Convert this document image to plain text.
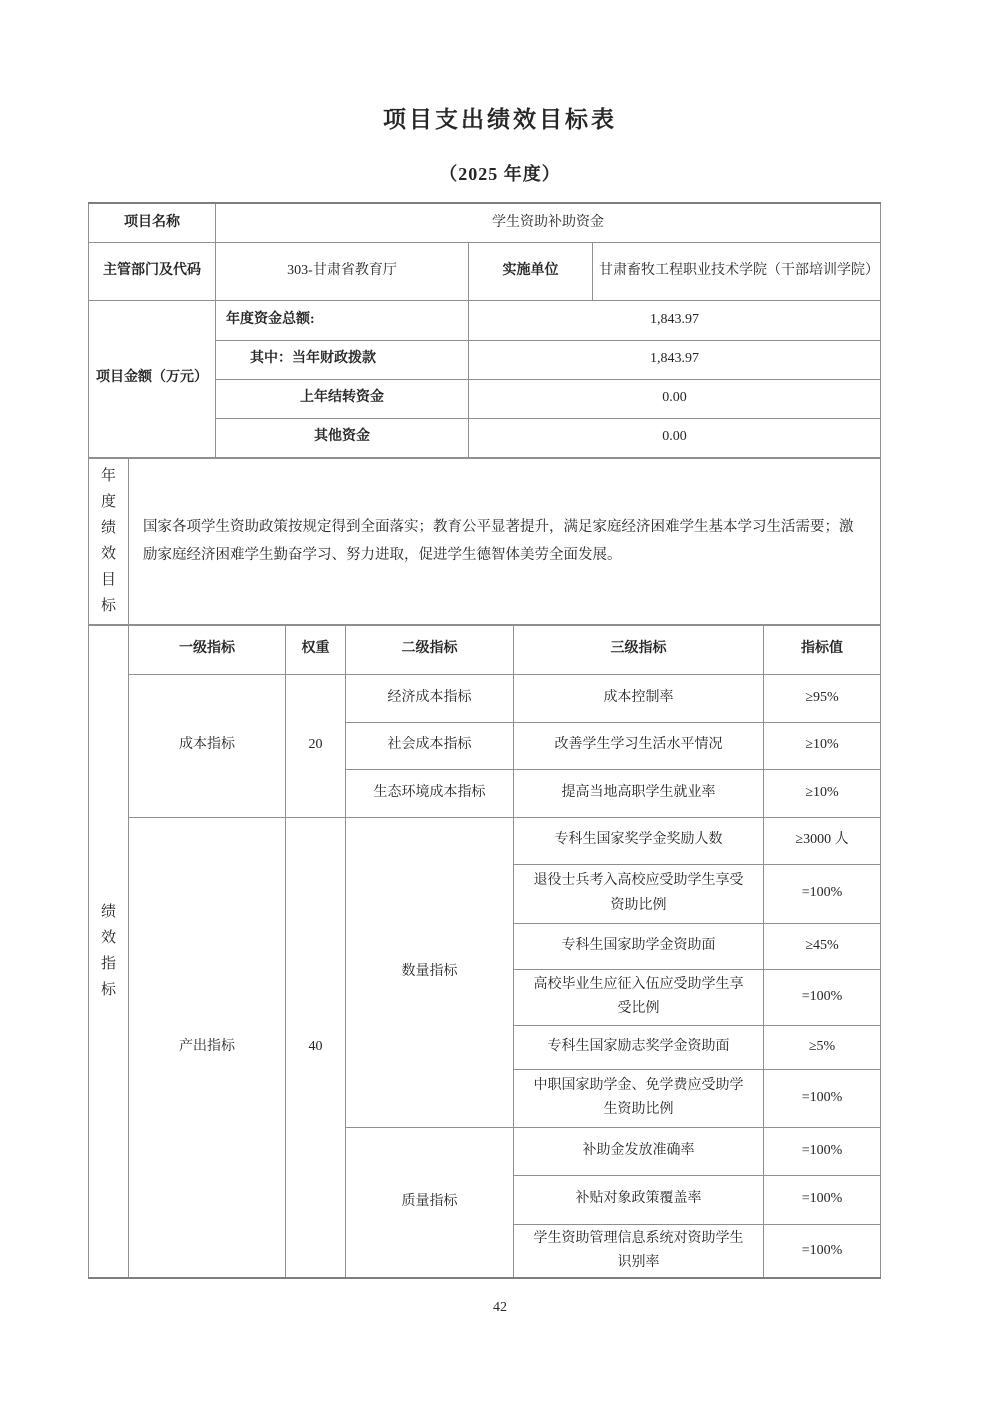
项目支出绩效目标表
（2025 年度）
项目名称	学生资助补助资金		
主管部门及代码	303-甘肃省教育厅	实施单位	甘肃畜牧工程职业技术学院（干部培训学院）
项目金额（万元）	年度资金总额:	1,843.97	
	其中：当年财政拨款	1,843.97	
	上年结转资金	0.00	
	其他资金	0.00	
年度绩效目标
	国家各项学生资助政策按规定得到全面落实；教育公平显著提升，满足家庭经济困难学生基本学习生活需要；激励家庭经济困难学生勤奋学习、努力进取，促进学生德智体美劳全面发展。
绩效指标	一级指标	权重	二级指标	三级指标	指标值
	成本指标	20	经济成本指标	成本控制率	≥95%
			社会成本指标	改善学生学习生活水平情况	≥10%
			生态环境成本指标	提高当地高职学生就业率	≥10%
	产出指标	40	数量指标	专科生国家奖学金奖励人数	≥3000 人
				退役士兵考入高校应受助学生享受资助比例	=100%
				专科生国家助学金资助面	≥45%
				高校毕业生应征入伍应受助学生享受比例	=100%
				专科生国家励志奖学金资助面	≥5%
				中职国家助学金、免学费应受助学生资助比例	=100%
			质量指标	补助金发放准确率	=100%
				补贴对象政策覆盖率	=100%
				学生资助管理信息系统对资助学生识别率	=100%
42
